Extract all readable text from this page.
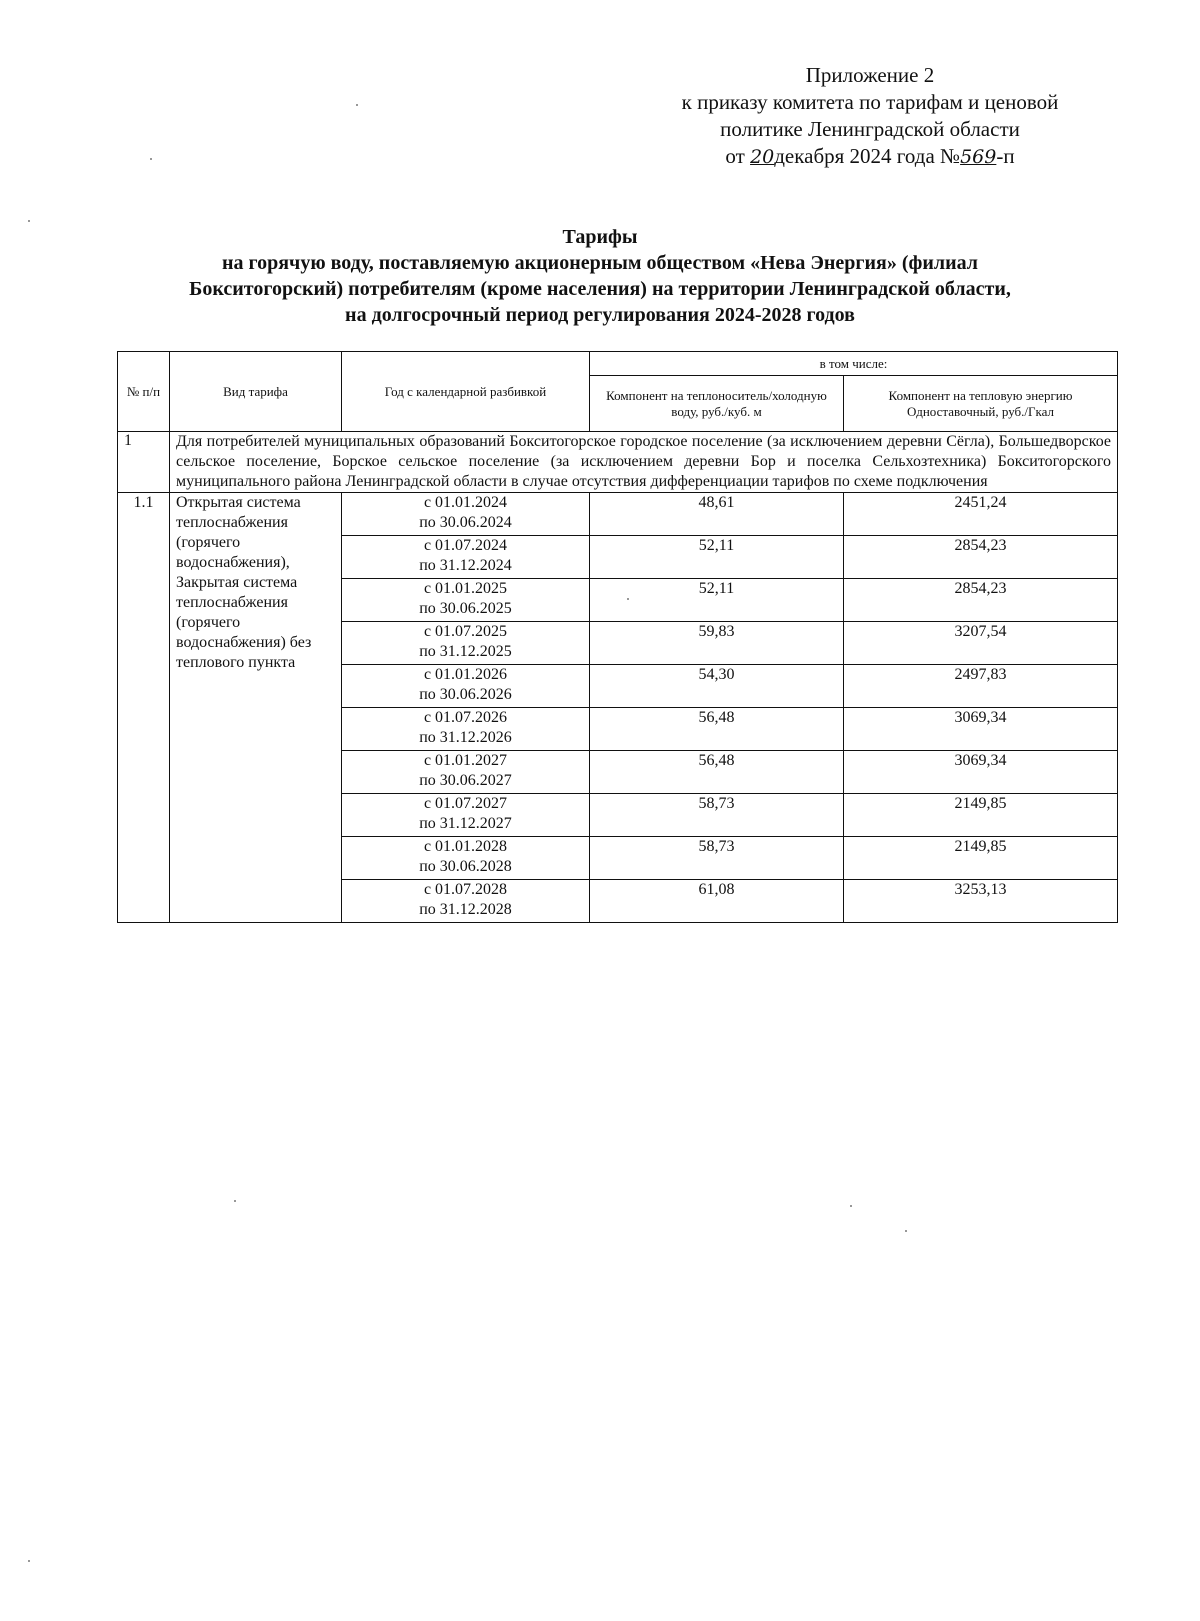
Приложение 2
к приказу комитета по тарифам и ценовой
политике Ленинградской области
от 20декабря 2024 года №569-п
Тарифы
на горячую воду, поставляемую акционерным обществом «Нева Энергия» (филиал
Бокситогорский) потребителям (кроме населения) на территории Ленинградской области,
на долгосрочный период регулирования 2024-2028 годов
№ п/п	Вид тарифа	Год с календарной разбивкой	в том числе:	
			Компонент на теплоноситель/холодную воду, руб./куб. м	Компонент на тепловую энергию Одноставочный, руб./Гкал
1	Для потребителей муниципальных образований Бокситогорское городское поселение (за исключением деревни Сёгла), Большедворское сельское поселение, Борское сельское поселение (за исключением деревни Бор и поселка Сельхозтехника) Бокситогорского муниципального района Ленинградской области в случае отсутствия дифференциации тарифов по схеме подключения			
1.1	Открытая система теплоснабжения (горячего водоснабжения), Закрытая система теплоснабжения (горячего водоснабжения) без теплового пункта	с 01.01.2024
по 30.06.2024	48,61	2451,24

		с 01.07.2024
по 31.12.2024	52,11	2854,23

		с 01.01.2025
по 30.06.2025	52,11	2854,23

		с 01.07.2025
по 31.12.2025	59,83	3207,54

		с 01.01.2026
по 30.06.2026	54,30	2497,83

		с 01.07.2026
по 31.12.2026	56,48	3069,34

		с 01.01.2027
по 30.06.2027	56,48	3069,34

		с 01.07.2027
по 31.12.2027	58,73	2149,85

		с 01.01.2028
по 30.06.2028	58,73	2149,85

		с 01.07.2028
по 31.12.2028	61,08	3253,13
